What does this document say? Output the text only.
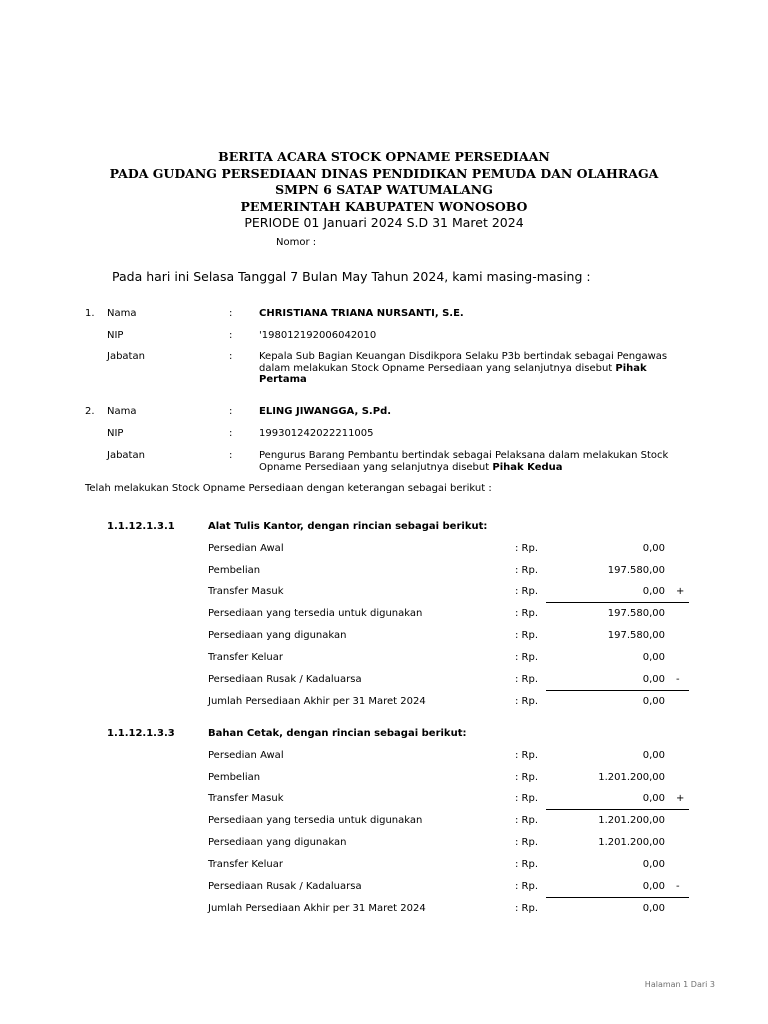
BERITA ACARA STOCK OPNAME PERSEDIAAN
PADA GUDANG PERSEDIAAN DINAS PENDIDIKAN PEMUDA DAN OLAHRAGA
SMPN 6 SATAP WATUMALANG
PEMERINTAH KABUPATEN WONOSOBO
PERIODE 01 Januari 2024 S.D 31 Maret 2024
Nomor :
Pada hari ini Selasa Tanggal 7 Bulan May Tahun 2024, kami masing-masing :
1. Nama	:	CHRISTIANA TRIANA NURSANTI, S.E.
NIP	:	'198012192006042010
Jabatan	:	Kepala Sub Bagian Keuangan Disdikpora Selaku P3b bertindak sebagai Pengawas dalam melakukan Stock Opname Persediaan yang selanjutnya disebut Pihak Pertama
2. Nama	:	ELING JIWANGGA, S.Pd.
NIP	:	199301242022211005
Jabatan	:	Pengurus Barang Pembantu bertindak sebagai Pelaksana dalam melakukan Stock Opname Persediaan yang selanjutnya disebut Pihak Kedua
Telah melakukan Stock Opname Persediaan dengan keterangan sebagai berikut :
1.1.12.1.3.1	Alat Tulis Kantor, dengan rincian sebagai berikut:
Persedian Awal	: Rp.	0,00
Pembelian	: Rp.	197.580,00
Transfer Masuk	: Rp.	0,00 +
Persediaan yang tersedia untuk digunakan	: Rp.	197.580,00
Persediaan yang digunakan	: Rp.	197.580,00
Transfer Keluar	: Rp.	0,00
Persediaan Rusak / Kadaluarsa	: Rp.	0,00 -
Jumlah Persediaan Akhir per 31 Maret 2024	: Rp.	0,00
1.1.12.1.3.3	Bahan Cetak, dengan rincian sebagai berikut:
Persedian Awal	: Rp.	0,00
Pembelian	: Rp.	1.201.200,00
Transfer Masuk	: Rp.	0,00 +
Persediaan yang tersedia untuk digunakan	: Rp.	1.201.200,00
Persediaan yang digunakan	: Rp.	1.201.200,00
Transfer Keluar	: Rp.	0,00
Persediaan Rusak / Kadaluarsa	: Rp.	0,00 -
Jumlah Persediaan Akhir per 31 Maret 2024	: Rp.	0,00
Halaman 1 Dari 3
